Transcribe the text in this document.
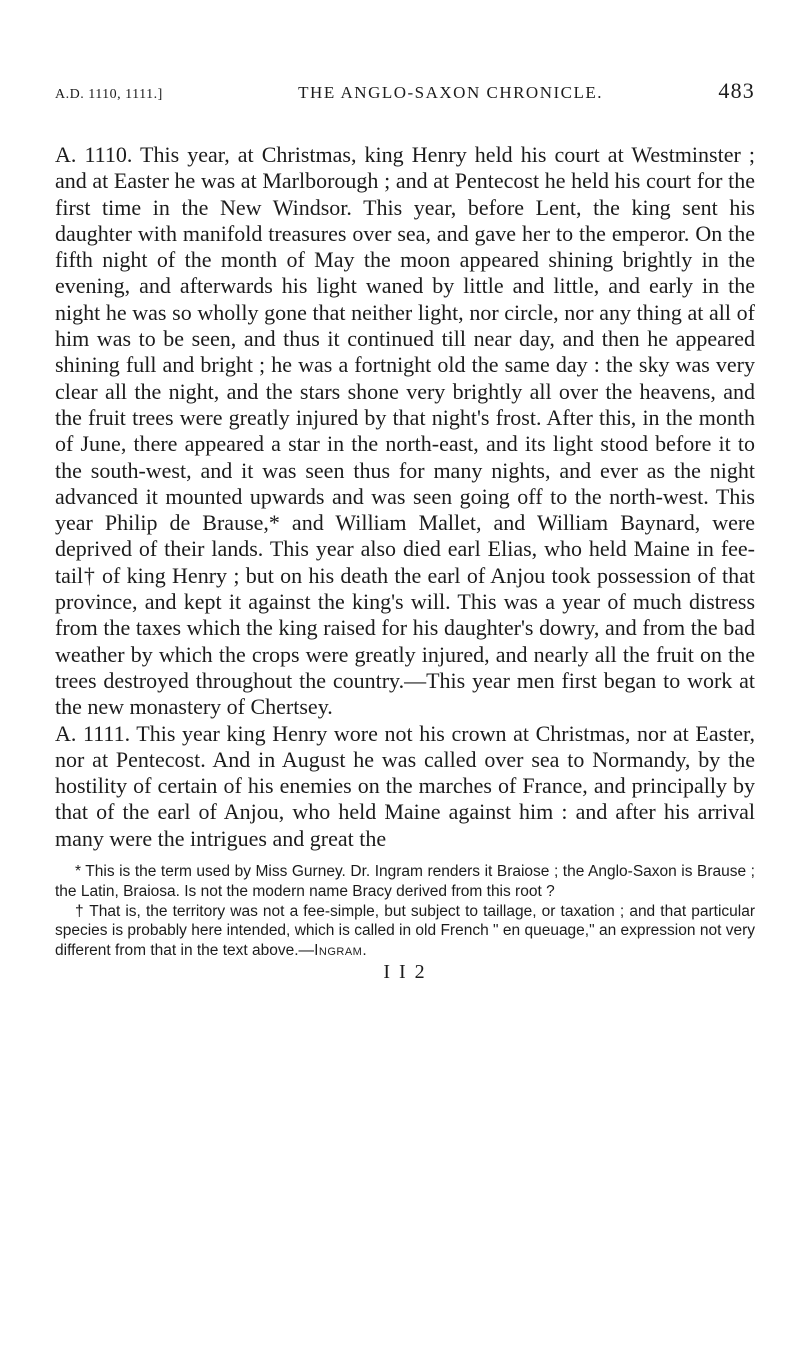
A.D. 1110, 1111.]	THE ANGLO-SAXON CHRONICLE.	483

A. 1110. This year, at Christmas, king Henry held his court at Westminster ; and at Easter he was at Marlborough ; and at Pentecost he held his court for the first time in the New Windsor. This year, before Lent, the king sent his daughter with manifold treasures over sea, and gave her to the emperor. On the fifth night of the month of May the moon appeared shining brightly in the evening, and afterwards his light waned by little and little, and early in the night he was so wholly gone that neither light, nor circle, nor any thing at all of him was to be seen, and thus it continued till near day, and then he appeared shining full and bright ; he was a fortnight old the same day : the sky was very clear all the night, and the stars shone very brightly all over the heavens, and the fruit trees were greatly injured by that night's frost. After this, in the month of June, there appeared a star in the north-east, and its light stood before it to the south-west, and it was seen thus for many nights, and ever as the night advanced it mounted upwards and was seen going off to the north-west. This year Philip de Brause,* and William Mallet, and William Baynard, were deprived of their lands. This year also died earl Elias, who held Maine in fee-tail† of king Henry ; but on his death the earl of Anjou took possession of that province, and kept it against the king's will. This was a year of much distress from the taxes which the king raised for his daughter's dowry, and from the bad weather by which the crops were greatly injured, and nearly all the fruit on the trees destroyed throughout the country.—This year men first began to work at the new monastery of Chertsey.

A. 1111. This year king Henry wore not his crown at Christmas, nor at Easter, nor at Pentecost. And in August he was called over sea to Normandy, by the hostility of certain of his enemies on the marches of France, and principally by that of the earl of Anjou, who held Maine against him : and after his arrival many were the intrigues and great the

* This is the term used by Miss Gurney. Dr. Ingram renders it Braiose ; the Anglo-Saxon is Brause ; the Latin, Braiosa. Is not the modern name Bracy derived from this root ?

† That is, the territory was not a fee-simple, but subject to taillage, or taxation ; and that particular species is probably here intended, which is called in old French " en queuage," an expression not very different from that in the text above.—Ingram.

I I 2
